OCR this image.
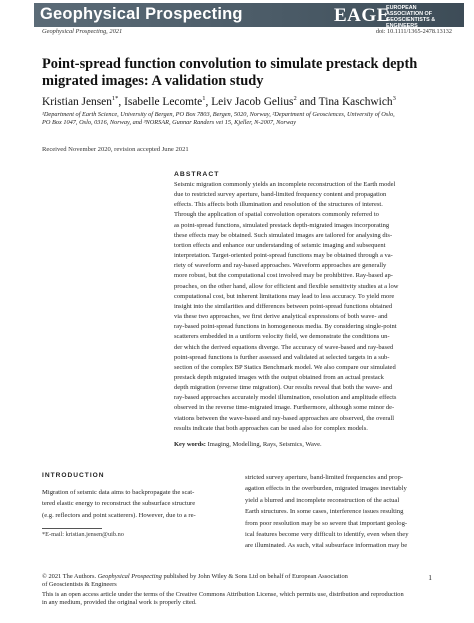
Geophysical Prospecting	EAGE
EUROPEAN
ASSOCIATION OF
GEOSCIENTISTS &
ENGINEERS
Geophysical Prospecting, 2021	doi: 10.1111/1365-2478.13132
Point-spread function convolution to simulate prestack depth migrated images: A validation study
Kristian Jensen$^{1*}$, Isabelle Lecomte$^1$, Leiv Jacob Gelius$^2$ and Tina Kaschwich$^3$
¹Department of Earth Science, University of Bergen, PO Box 7803, Bergen, 5020, Norway, ²Department of Geosciences, University of Oslo,
PO Box 1047, Oslo, 0316, Norway, and ³NORSAR, Gunnar Randers vei 15, Kjeller, N-2007, Norway
Received November 2020, revision accepted June 2021
ABSTRACT

Seismic migration commonly yields an incomplete reconstruction of the Earth model

due to restricted survey aperture, band-limited frequency content and propagation

effects. This affects both illumination and resolution of the structures of interest.

Through the application of spatial convolution operators commonly referred to

as point-spread functions, simulated prestack depth-migrated images incorporating

these effects may be obtained. Such simulated images are tailored for analysing dis-

tortion effects and enhance our understanding of seismic imaging and subsequent

interpretation. Target-oriented point-spread functions may be obtained through a va-

riety of waveform and ray-based approaches. Waveform approaches are generally

more robust, but the computational cost involved may be prohibitive. Ray-based ap-

proaches, on the other hand, allow for efficient and flexible sensitivity studies at a low

computational cost, but inherent limitations may lead to less accuracy. To yield more

insight into the similarities and differences between point-spread functions obtained

via these two approaches, we first derive analytical expressions of both wave- and

ray-based point-spread functions in homogeneous media. By considering single-point

scatterers embedded in a uniform velocity field, we demonstrate the conditions un-

der which the derived equations diverge. The accuracy of wave-based and ray-based

point-spread functions is further assessed and validated at selected targets in a sub-

section of the complex BP Statics Benchmark model. We also compare our simulated

prestack depth migrated images with the output obtained from an actual prestack

depth migration (reverse time migration). Our results reveal that both the wave- and

ray-based approaches accurately model illumination, resolution and amplitude effects

observed in the reverse time-migrated image. Furthermore, although some minor de-

viations between the wave-based and ray-based approaches are observed, the overall

results indicate that both approaches can be used also for complex models.

Key words: Imaging, Modelling, Rays, Seismics, Wave.
INTRODUCTION

Migration of seismic data aims to backpropagate the scat-

tered elastic energy to reconstruct the subsurface structure

(e.g. reflectors and point scatterers). However, due to a re-

stricted survey aperture, band-limited frequencies and prop-

agation effects in the overburden, migrated images inevitably

yield a blurred and incomplete reconstruction of the actual

Earth structures. In some cases, interference issues resulting

from poor resolution may be so severe that important geolog-

ical features become very difficult to identify, even when they

are illuminated. As such, vital subsurface information may be

*E-mail: kristian.jensen@uib.no
© 2021 The Authors. Geophysical Prospecting published by John Wiley & Sons Ltd on behalf of European Association
of Geoscientists & Engineers
1
This is an open access article under the terms of the Creative Commons Attribution License, which permits use, distribution and reproduction
in any medium, provided the original work is properly cited.
